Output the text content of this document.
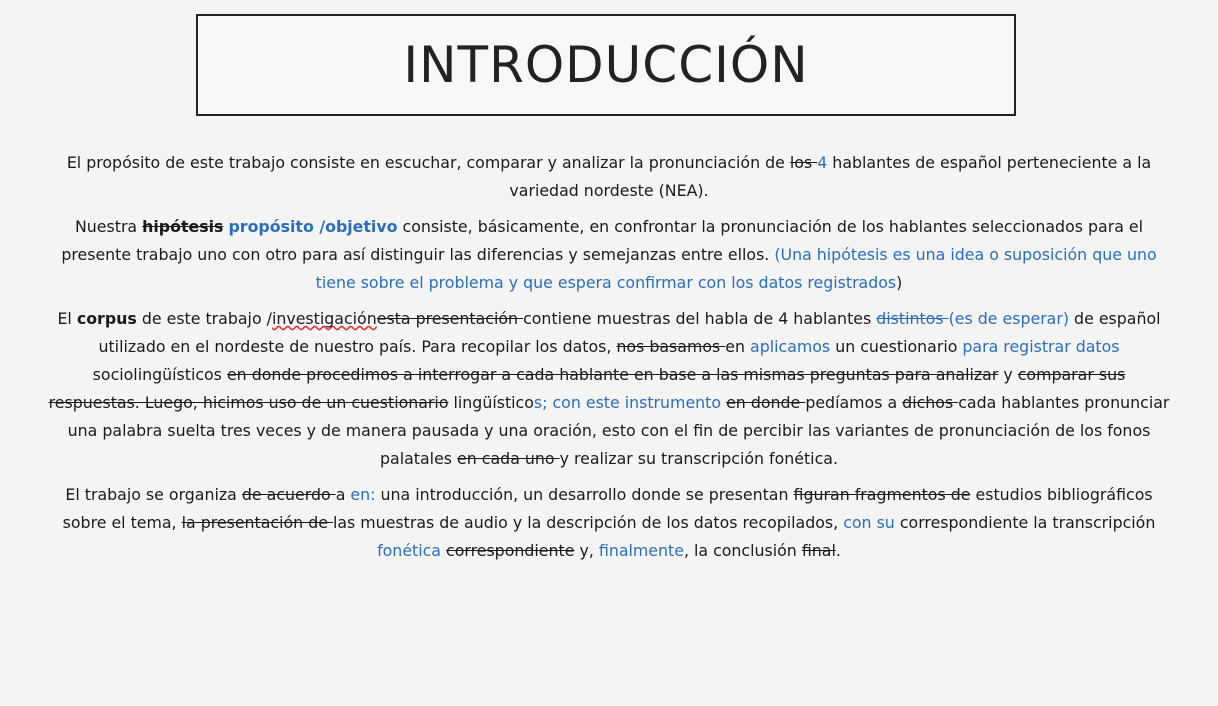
INTRODUCCIÓN

El propósito de este trabajo consiste en escuchar, comparar y analizar la pronunciación de los 4 hablantes de español perteneciente a la variedad nordeste (NEA).

Nuestra hipótesis propósito /objetivo consiste, básicamente, en confrontar la pronunciación de los hablantes seleccionados para el presente trabajo uno con otro para así distinguir las diferencias y semejanzas entre ellos. (Una hipótesis es una idea o suposición que uno tiene sobre el problema y que espera confirmar con los datos registrados)

El corpus de este trabajo /investigaciónesta presentación contiene muestras del habla de 4 hablantes distintos (es de esperar) de español utilizado en el nordeste de nuestro país. Para recopilar los datos, nos basamos en aplicamos un cuestionario para registrar datos sociolingüísticos en donde procedimos a interrogar a cada hablante en base a las mismas preguntas para analizar y comparar sus respuestas. Luego, hicimos uso de un cuestionario lingüísticos; con este instrumento en donde pedíamos a dichos cada hablantes pronunciar una palabra suelta tres veces y de manera pausada y una oración, esto con el fin de percibir las variantes de pronunciación de los fonos palatales en cada uno y realizar su transcripción fonética.

El trabajo se organiza de acuerdo a en: una introducción, un desarrollo donde se presentan figuran fragmentos de estudios bibliográficos sobre el tema, la presentación de las muestras de audio y la descripción de los datos recopilados, con su correspondiente la transcripción fonética correspondiente y, finalmente, la conclusión final.
